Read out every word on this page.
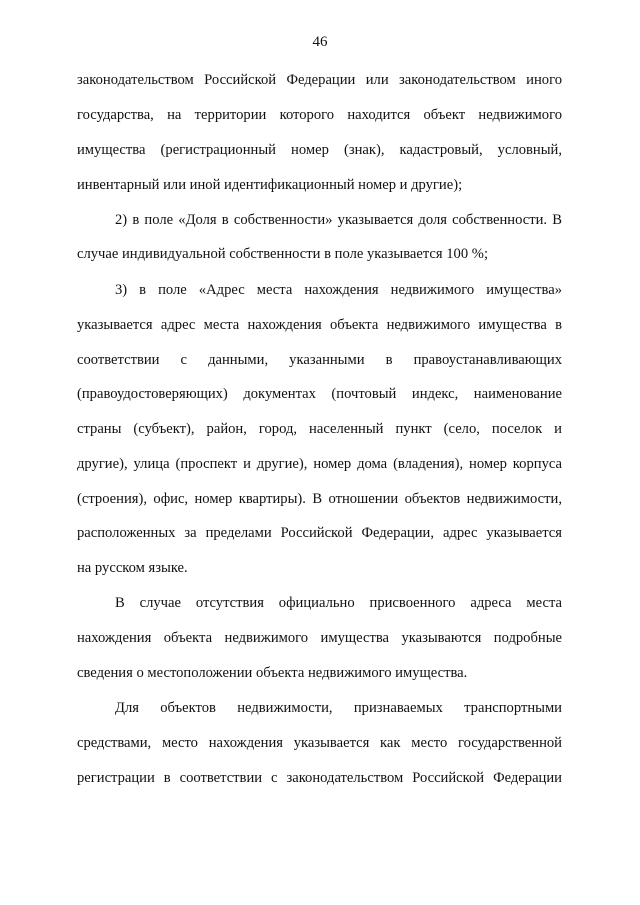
46
законодательством Российской Федерации или законодательством иного
государства, на территории которого находится объект недвижимого
имущества (регистрационный номер (знак), кадастровый, условный,
инвентарный или иной идентификационный номер и другие);
2) в поле «Доля в собственности» указывается доля собственности. В
случае индивидуальной собственности в поле указывается 100 %;
3) в поле «Адрес места нахождения недвижимого имущества»
указывается адрес места нахождения объекта недвижимого имущества в
соответствии с данными, указанными в правоустанавливающих
(правоудостоверяющих) документах (почтовый индекс, наименование
страны (субъект), район, город, населенный пункт (село, поселок и
другие), улица (проспект и другие), номер дома (владения), номер корпуса
(строения), офис, номер квартиры). В отношении объектов недвижимости,
расположенных за пределами Российской Федерации, адрес указывается
на русском языке.
В случае отсутствия официально присвоенного адреса места
нахождения объекта недвижимого имущества указываются подробные
сведения о местоположении объекта недвижимого имущества.
Для объектов недвижимости, признаваемых транспортными
средствами, место нахождения указывается как место государственной
регистрации в соответствии с законодательством Российской Федерации
